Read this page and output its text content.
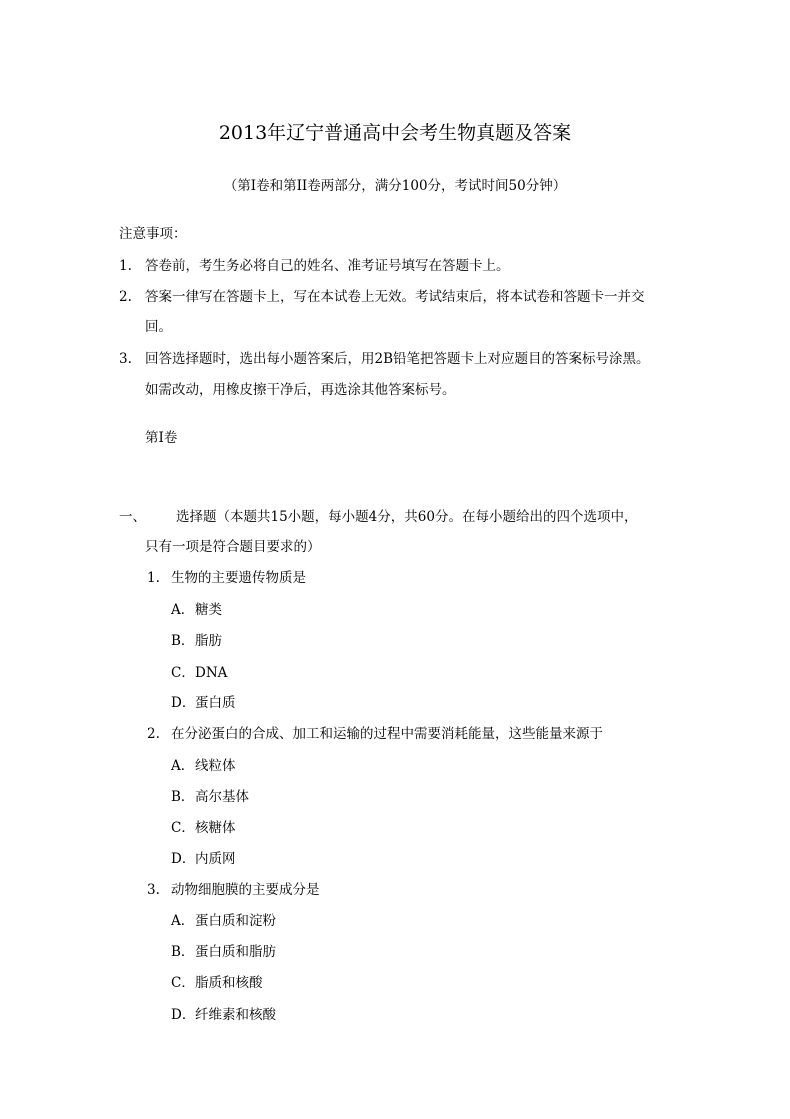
2013年辽宁普通高中会考生物真题及答案
（第I卷和第II卷两部分，满分100分，考试时间50分钟）
注意事项：
1. 答卷前，考生务必将自己的姓名、准考证号填写在答题卡上。
2. 答案一律写在答题卡上，写在本试卷上无效。考试结束后，将本试卷和答题卡一并交
回。
3. 回答选择题时，选出每小题答案后，用2B铅笔把答题卡上对应题目的答案标号涂黑。
如需改动，用橡皮擦干净后，再选涂其他答案标号。
第I卷
一、 选择题（本题共15小题，每小题4分，共60分。在每小题给出的四个选项中，
只有一项是符合题目要求的）
1. 生物的主要遗传物质是
A． 糖类
B． 脂肪
C． DNA
D． 蛋白质
2. 在分泌蛋白的合成、加工和运输的过程中需要消耗能量，这些能量来源于
A． 线粒体
B． 高尔基体
C． 核糖体
D． 内质网
3. 动物细胞膜的主要成分是
A． 蛋白质和淀粉
B． 蛋白质和脂肪
C． 脂质和核酸
D． 纤维素和核酸
